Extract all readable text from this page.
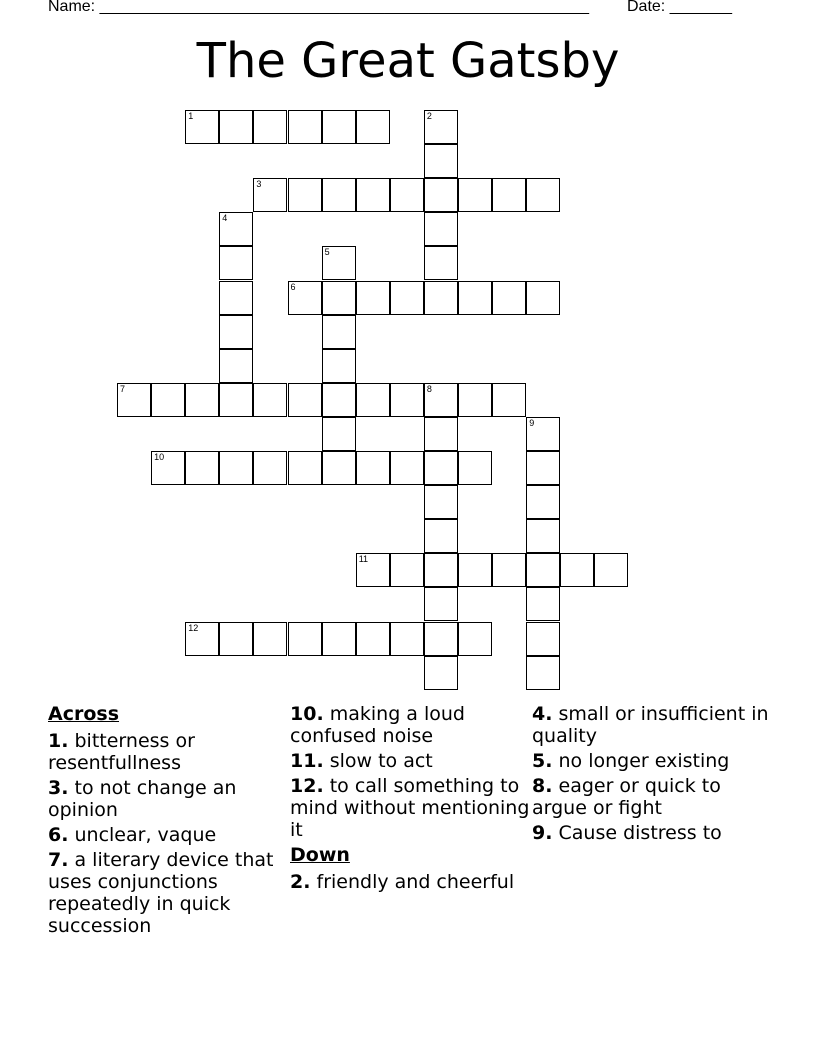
Name: _______________________________________________________ Date: _______
The Great Gatsby
1	2
3
4
5
6
7	8
9
10
11
12
Across
1. bitterness or resentfullness
3. to not change an opinion
6. unclear, vaque
7. a literary device that uses conjunctions repeatedly in quick succession
10. making a loud confused noise
11. slow to act
12. to call something to mind without mentioning it
Down
2. friendly and cheerful
4. small or insufficient in quality
5. no longer existing
8. eager or quick to argue or fight
9. Cause distress to
